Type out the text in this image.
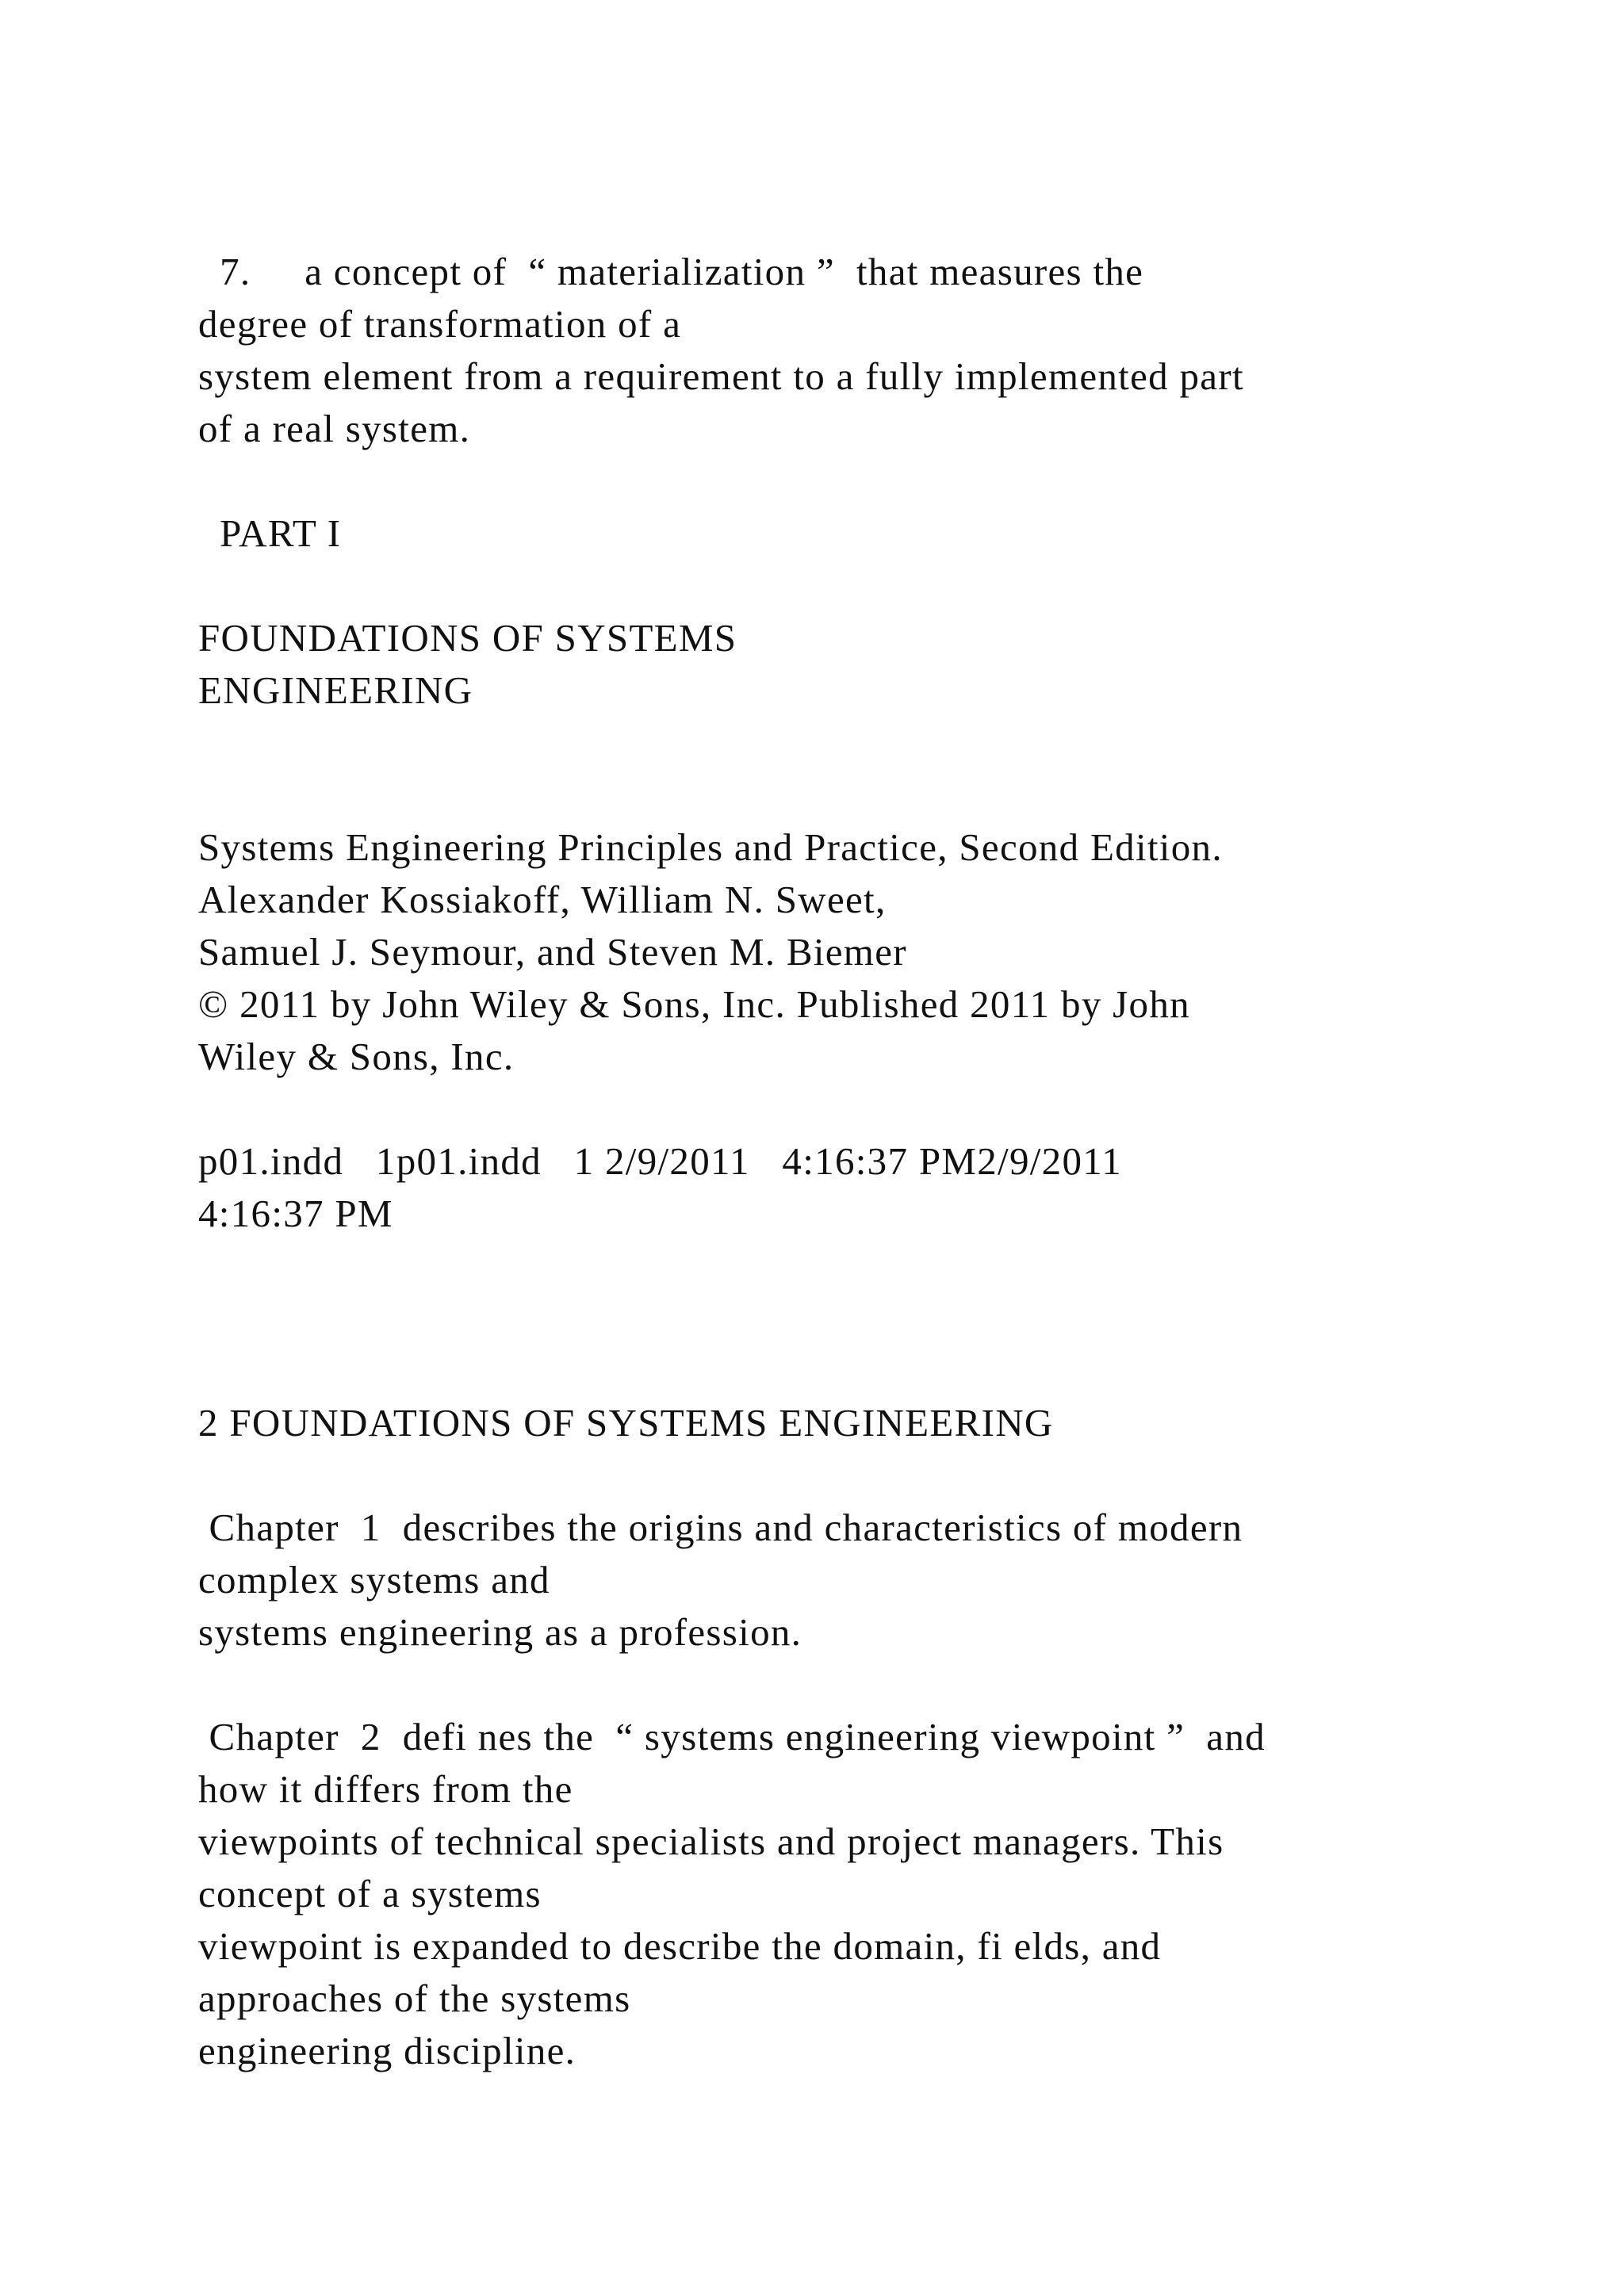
7.     a concept of  “ materialization ”  that measures the
degree of transformation of a
system element from a requirement to a fully implemented part
of a real system.
PART I
FOUNDATIONS OF SYSTEMS
ENGINEERING
Systems Engineering Principles and Practice, Second Edition.
Alexander Kossiakoff, William N. Sweet,
Samuel J. Seymour, and Steven M. Biemer
© 2011 by John Wiley & Sons, Inc. Published 2011 by John
Wiley & Sons, Inc.
p01.indd   1p01.indd   1 2/9/2011   4:16:37 PM2/9/2011
4:16:37 PM
2 FOUNDATIONS OF SYSTEMS ENGINEERING
Chapter  1  describes the origins and characteristics of modern
complex systems and
systems engineering as a profession.
Chapter  2  defi nes the  “ systems engineering viewpoint ”  and
how it differs from the
viewpoints of technical specialists and project managers. This
concept of a systems
viewpoint is expanded to describe the domain, fi elds, and
approaches of the systems
engineering discipline.
